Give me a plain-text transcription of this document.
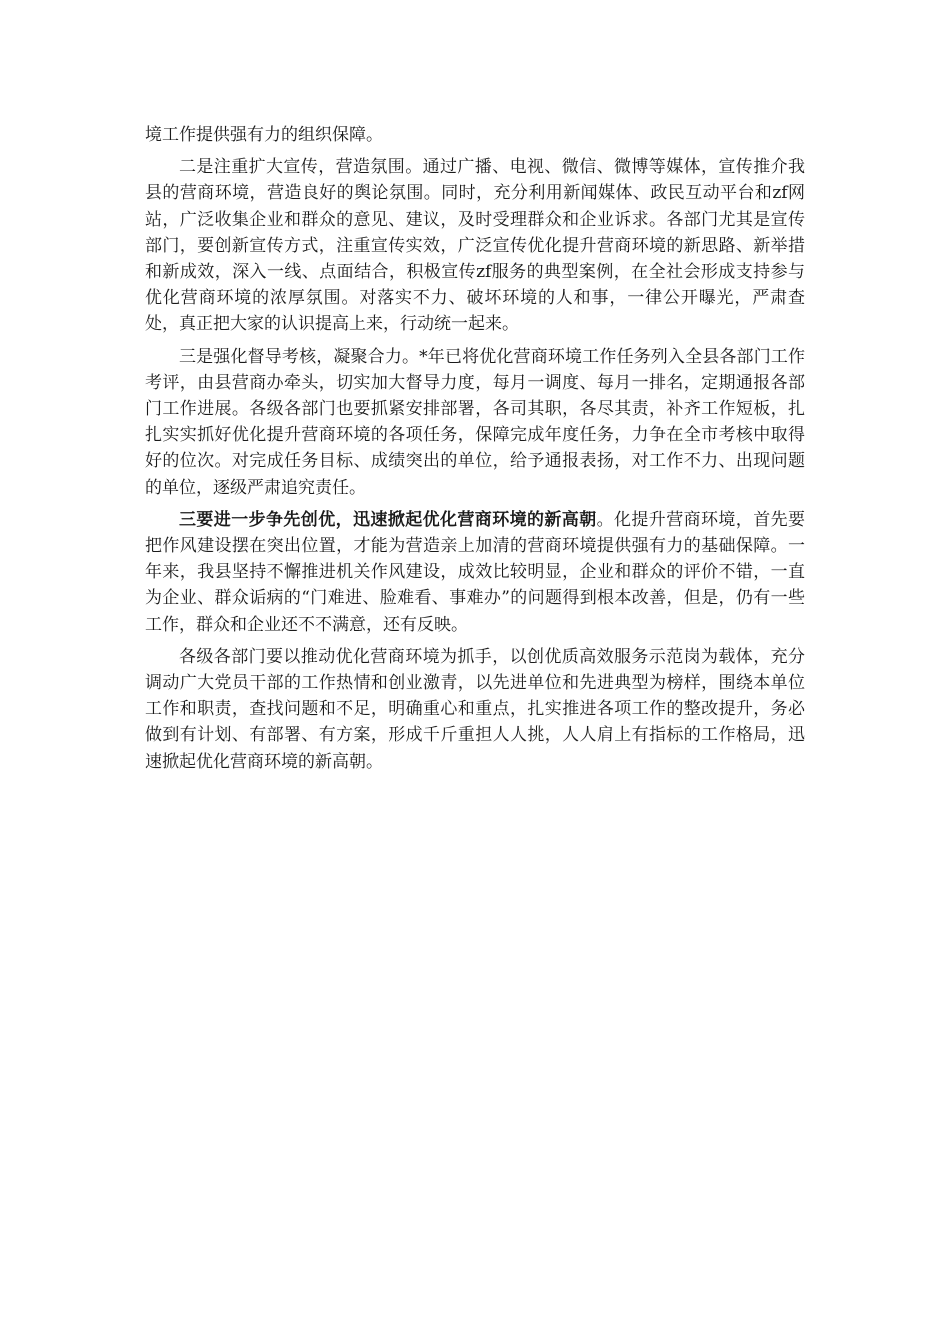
境工作提供强有力的组织保障。

二是注重扩大宣传，营造氛围。通过广播、电视、微信、微博等媒体，宣传推介我县的营商环境，营造良好的舆论氛围。同时，充分利用新闻媒体、政民互动平台和zf网站，广泛收集企业和群众的意见、建议，及时受理群众和企业诉求。各部门尤其是宣传部门，要创新宣传方式，注重宣传实效，广泛宣传优化提升营商环境的新思路、新举措和新成效，深入一线、点面结合，积极宣传zf服务的典型案例，在全社会形成支持参与优化营商环境的浓厚氛围。对落实不力、破坏环境的人和事，一律公开曝光，严肃查处，真正把大家的认识提高上来，行动统一起来。

三是强化督导考核，凝聚合力。*年已将优化营商环境工作任务列入全县各部门工作考评，由县营商办牵头，切实加大督导力度，每月一调度、每月一排名，定期通报各部门工作进展。各级各部门也要抓紧安排部署，各司其职，各尽其责，补齐工作短板，扎扎实实抓好优化提升营商环境的各项任务，保障完成年度任务，力争在全市考核中取得好的位次。对完成任务目标、成绩突出的单位，给予通报表扬，对工作不力、出现问题的单位，逐级严肃追究责任。

三要进一步争先创优，迅速掀起优化营商环境的新高朝。化提升营商环境，首先要把作风建设摆在突出位置，才能为营造亲上加清的营商环境提供强有力的基础保障。一年来，我县坚持不懈推进机关作风建设，成效比较明显，企业和群众的评价不错，一直为企业、群众诟病的“门难进、脸难看、事难办”的问题得到根本改善，但是，仍有一些工作，群众和企业还不不满意，还有反映。

各级各部门要以推动优化营商环境为抓手，以创优质高效服务示范岗为载体，充分调动广大党员干部的工作热情和创业激青，以先进单位和先进典型为榜样，围绕本单位工作和职责，查找问题和不足，明确重心和重点，扎实推进各项工作的整改提升，务必做到有计划、有部署、有方案，形成千斤重担人人挑，人人肩上有指标的工作格局，迅速掀起优化营商环境的新高朝。
